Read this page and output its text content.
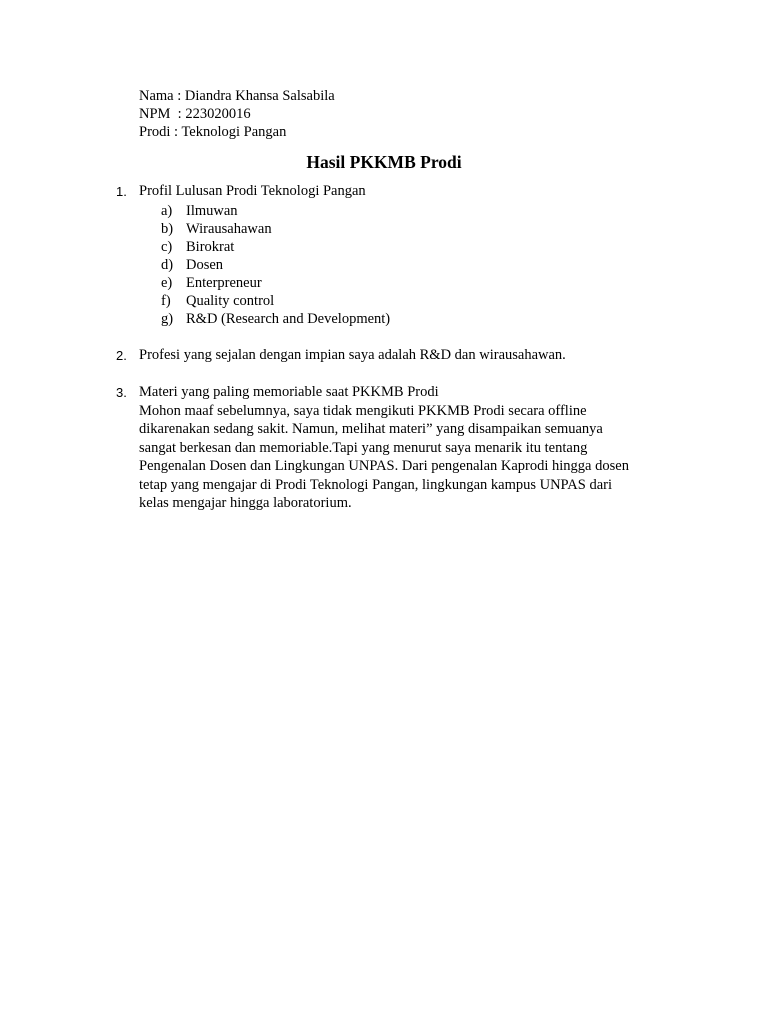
Nama : Diandra Khansa Salsabila
NPM  : 223020016
Prodi : Teknologi Pangan
Hasil PKKMB Prodi
1. Profil Lulusan Prodi Teknologi Pangan
a) Ilmuwan
b) Wirausahawan
c) Birokrat
d) Dosen
e) Enterpreneur
f) Quality control
g) R&D (Research and Development)
2. Profesi yang sejalan dengan impian saya adalah R&D dan wirausahawan.
3. Materi yang paling memoriable saat PKKMB Prodi
Mohon maaf sebelumnya, saya tidak mengikuti PKKMB Prodi secara offline
dikarenakan sedang sakit. Namun, melihat materi” yang disampaikan semuanya
sangat berkesan dan memoriable.Tapi yang menurut saya menarik itu tentang
Pengenalan Dosen dan Lingkungan UNPAS. Dari pengenalan Kaprodi hingga dosen
tetap yang mengajar di Prodi Teknologi Pangan, lingkungan kampus UNPAS dari
kelas mengajar hingga laboratorium.
